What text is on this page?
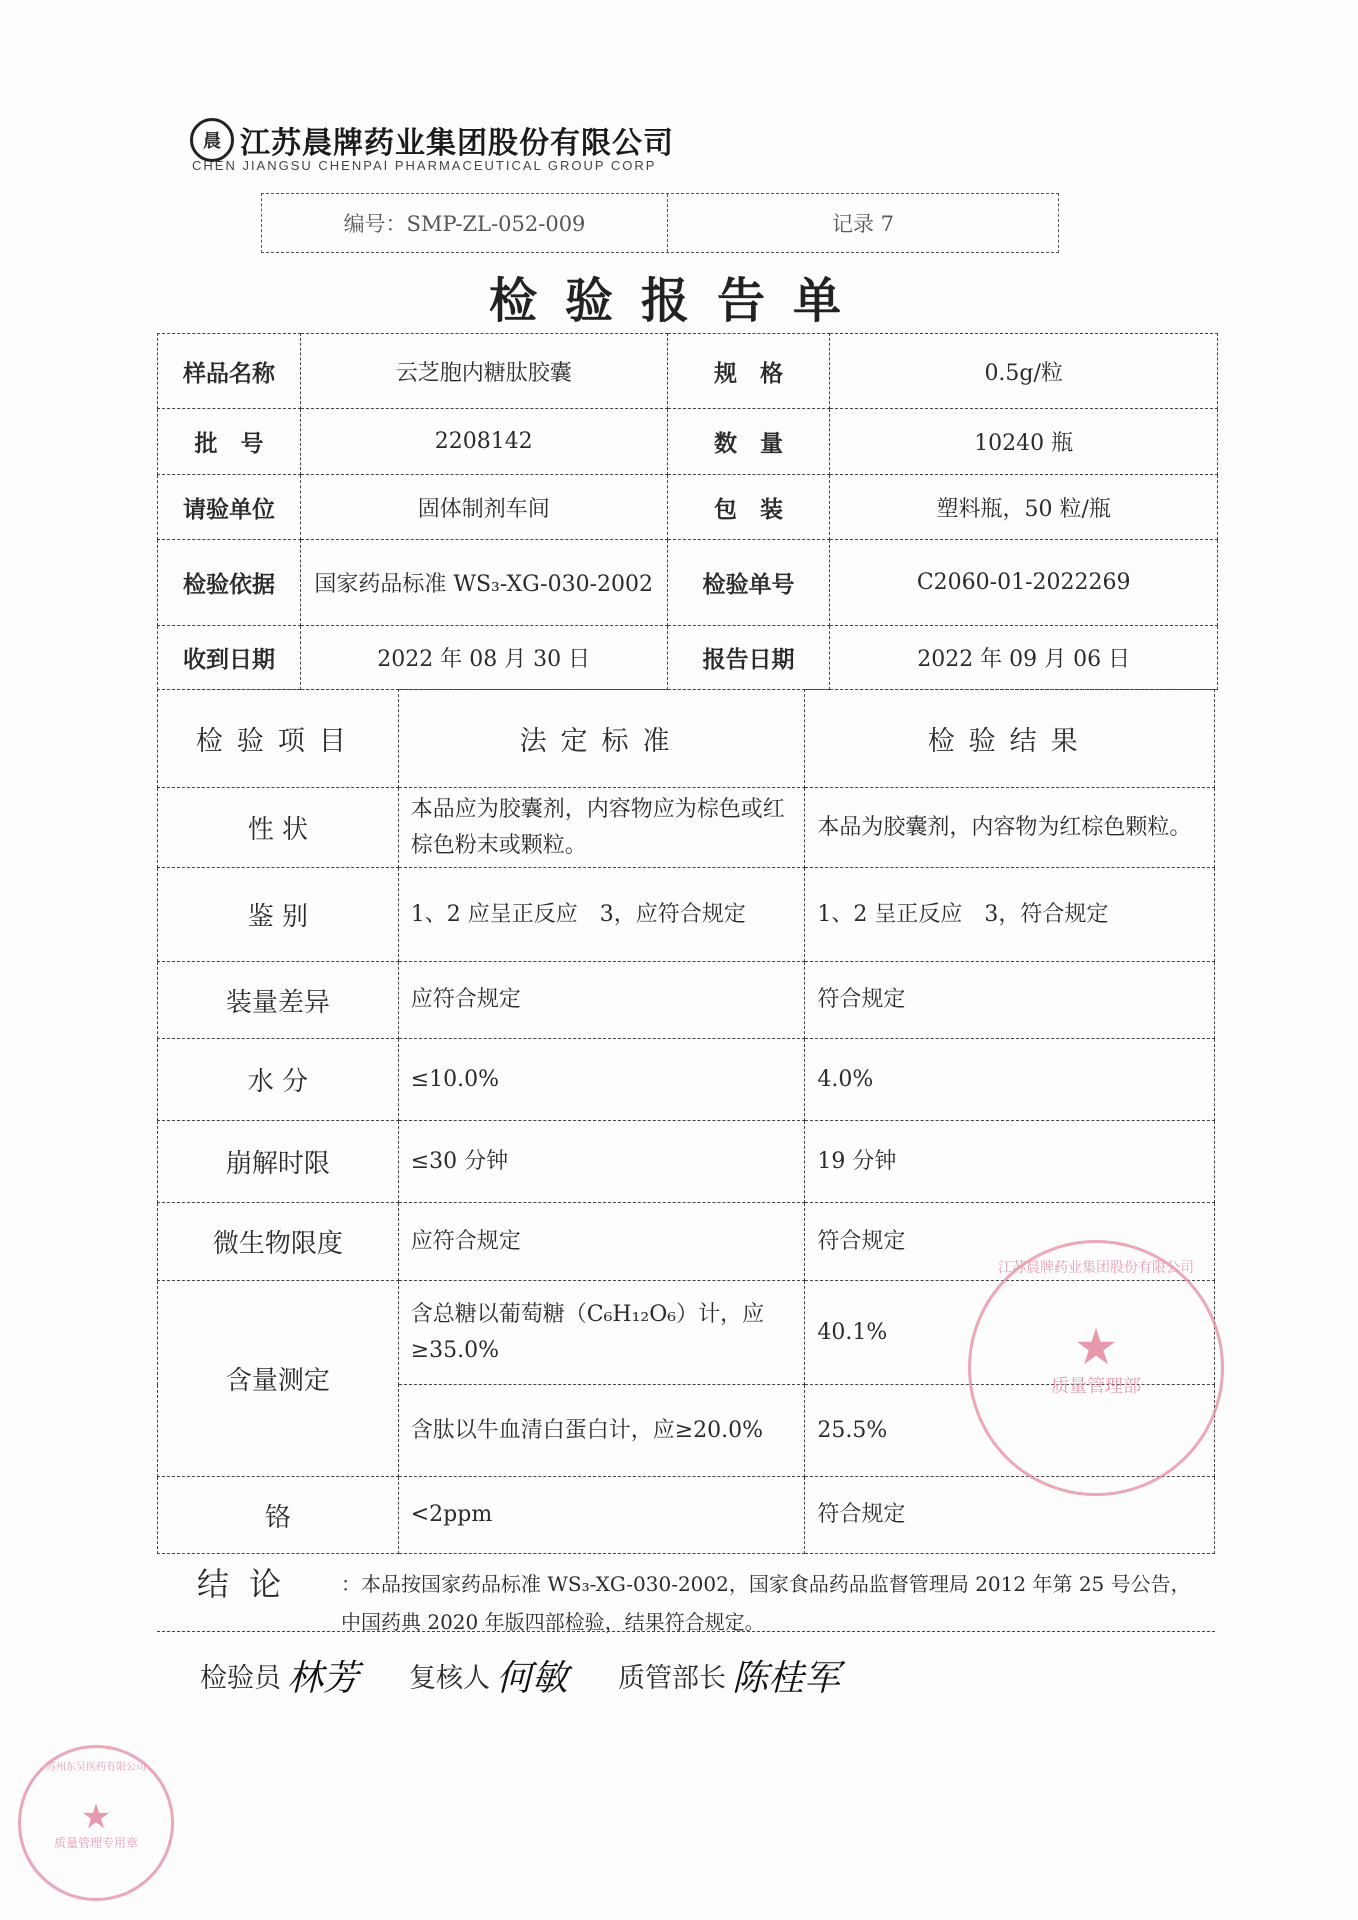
晨 江苏晨牌药业集团股份有限公司
CHEN JIANGSU CHENPAI PHARMACEUTICAL GROUP CORP
编号：SMP-ZL-052-009	记录 7
检验报告单
样品名称	云芝胞内糖肽胶囊	规　格	0.5g/粒
批　号	2208142	数　量	10240 瓶
请验单位	固体制剂车间	包　装	塑料瓶，50 粒/瓶
检验依据	国家药品标准 WS₃-XG-030-2002	检验单号	C2060-01-2022269
收到日期	2022 年 08 月 30 日	报告日期	2022 年 09 月 06 日
检验项目	法定标准	检验结果
性 状	本品应为胶囊剂，内容物应为棕色或红棕色粉末或颗粒。	本品为胶囊剂，内容物为红棕色颗粒。
鉴 别	1、2 应呈正反应　3，应符合规定	1、2 呈正反应　3，符合规定
装量差异	应符合规定	符合规定
水 分	≤10.0%	4.0%
崩解时限	≤30 分钟	19 分钟
微生物限度	应符合规定	符合规定
含量测定	含总糖以葡萄糖（C₆H₁₂O₆）计，应≥35.0%	40.1%
	含肽以牛血清白蛋白计，应≥20.0%	25.5%
铬	<2ppm	符合规定
结论 ：本品按国家药品标准 WS₃-XG-030-2002，国家食品药品监督管理局 2012 年第 25 号公告，中国药典 2020 年版四部检验，结果符合规定。
检验员 林芳 复核人 何敏 质管部长 陈桂军
江苏晨牌药业集团股份有限公司
★
质量管理部
苏州东吴医药有限公司
★
质量管理专用章
